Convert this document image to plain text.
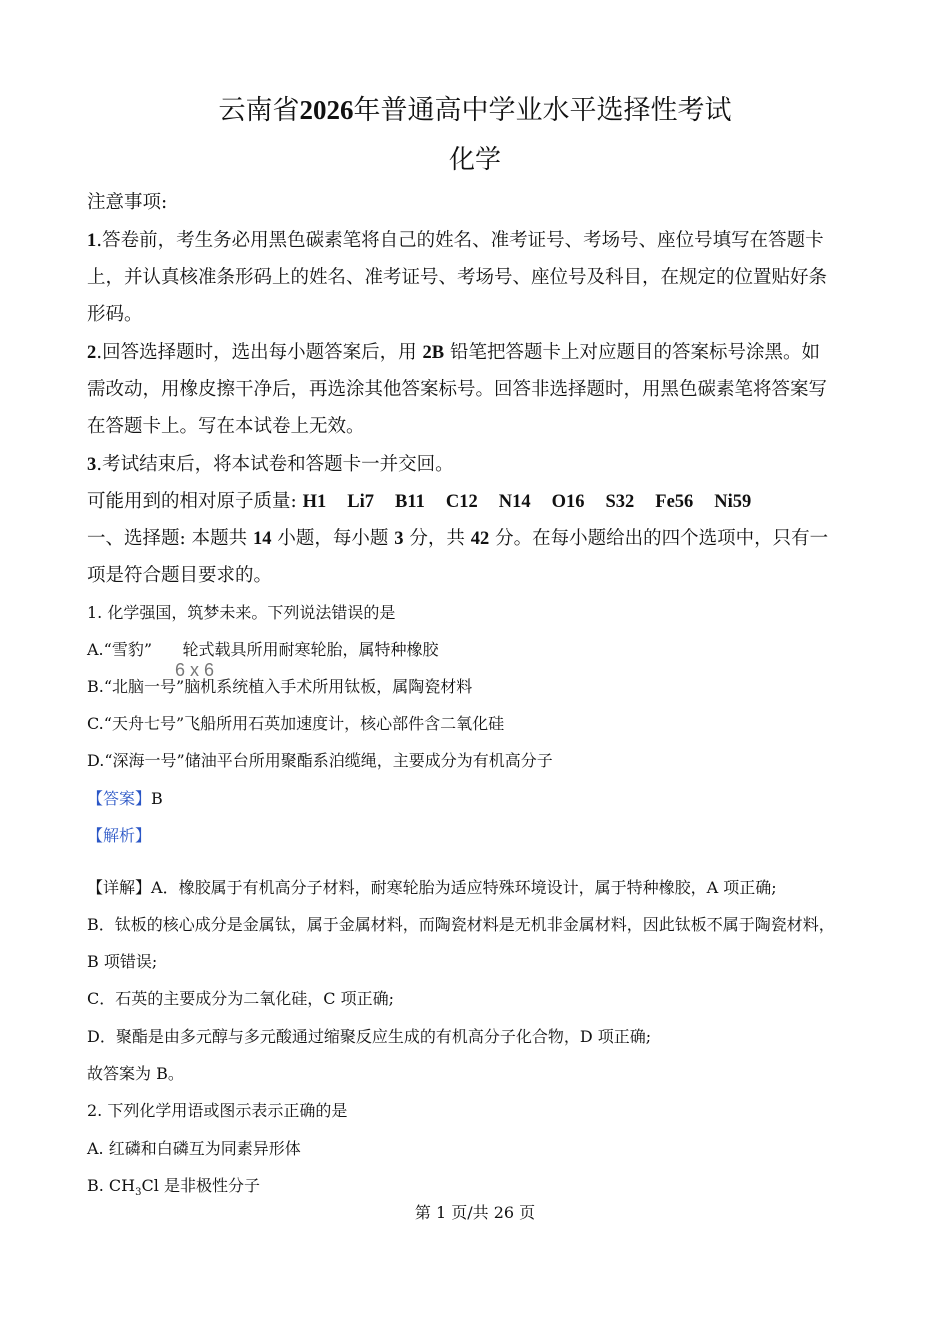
云南省2026年普通高中学业水平选择性考试
化学
注意事项:
1.答卷前，考生务必用黑色碳素笔将自己的姓名、准考证号、考场号、座位号填写在答题卡
上，并认真核准条形码上的姓名、准考证号、考场号、座位号及科目，在规定的位置贴好条
形码。
2.回答选择题时，选出每小题答案后，用 2B 铅笔把答题卡上对应题目的答案标号涂黑。如
需改动，用橡皮擦干净后，再选涂其他答案标号。回答非选择题时，用黑色碳素笔将答案写
在答题卡上。写在本试卷上无效。
3.考试结束后，将本试卷和答题卡一并交回。
可能用到的相对原子质量: H1 Li7 B11 C12 N14 O16 S32 Fe56 Ni59
一、选择题: 本题共 14 小题，每小题 3 分，共 42 分。在每小题给出的四个选项中，只有一
项是符合题目要求的。
1. 化学强国，筑梦未来。下列说法错误的是
A.“雪豹”      轮式载具所用耐寒轮胎，属特种橡胶
B.“北脑一号”脑机系统植入手术所用钛板，属陶瓷材料
6 x 6
C.“天舟七号”飞船所用石英加速度计，核心部件含二氧化硅
D.“深海一号”储油平台所用聚酯系泊缆绳，主要成分为有机高分子
【答案】B
【解析】
【详解】A．橡胶属于有机高分子材料，耐寒轮胎为适应特殊环境设计，属于特种橡胶，A 项正确;
B．钛板的核心成分是金属钛，属于金属材料，而陶瓷材料是无机非金属材料，因此钛板不属于陶瓷材料，
B 项错误;
C．石英的主要成分为二氧化硅，C 项正确;
D．聚酯是由多元醇与多元酸通过缩聚反应生成的有机高分子化合物，D 项正确;
故答案为 B。
2. 下列化学用语或图示表示正确的是
A. 红磷和白磷互为同素异形体
B. $CH_3Cl$ 是非极性分子
第 1 页/共 26 页
